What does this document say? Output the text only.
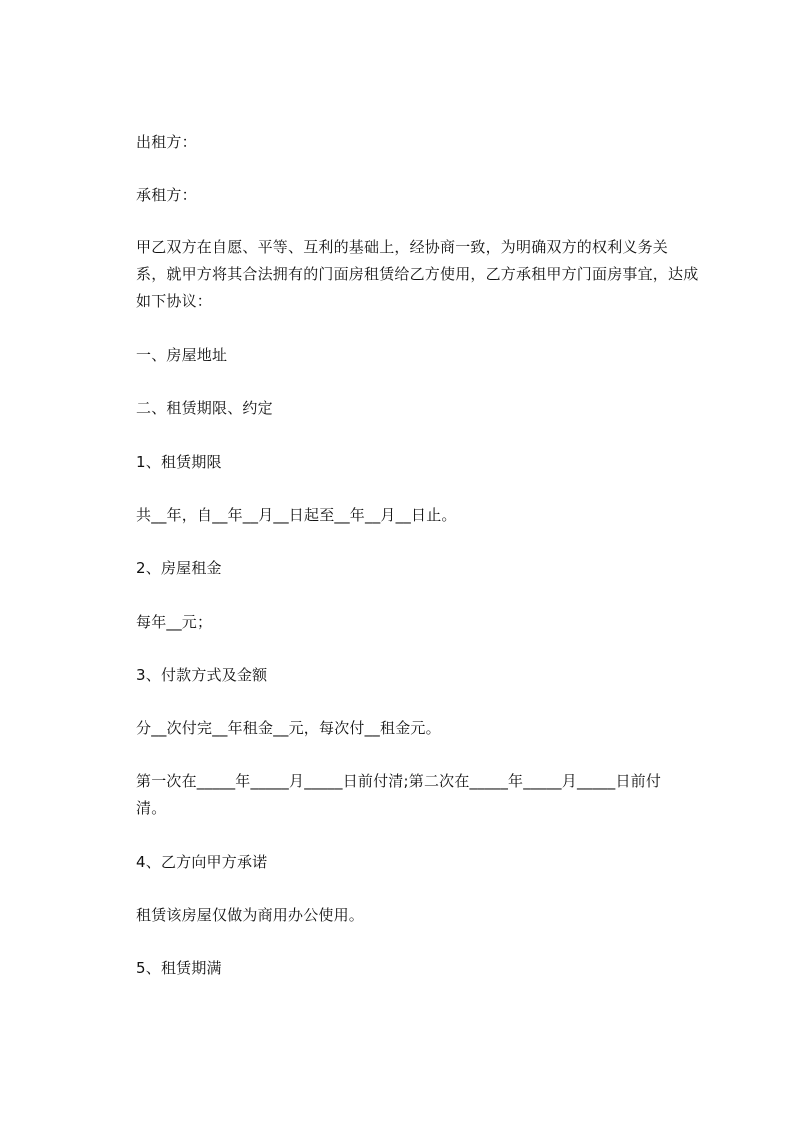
出租方：
承租方：
甲乙双方在自愿、平等、互利的基础上，经协商一致，为明确双方的权利义务关
系，就甲方将其合法拥有的门面房租赁给乙方使用，乙方承租甲方门面房事宜，达成
如下协议：
一、房屋地址
二、租赁期限、约定
1、租赁期限
共__年，自__年__月__日起至__年__月__日止。
2、房屋租金
每年__元；
3、付款方式及金额
分__次付完__年租金__元，每次付__租金元。
第一次在_____年_____月_____日前付清;第二次在_____年_____月_____日前付
清。
4、乙方向甲方承诺
租赁该房屋仅做为商用办公使用。
5、租赁期满
